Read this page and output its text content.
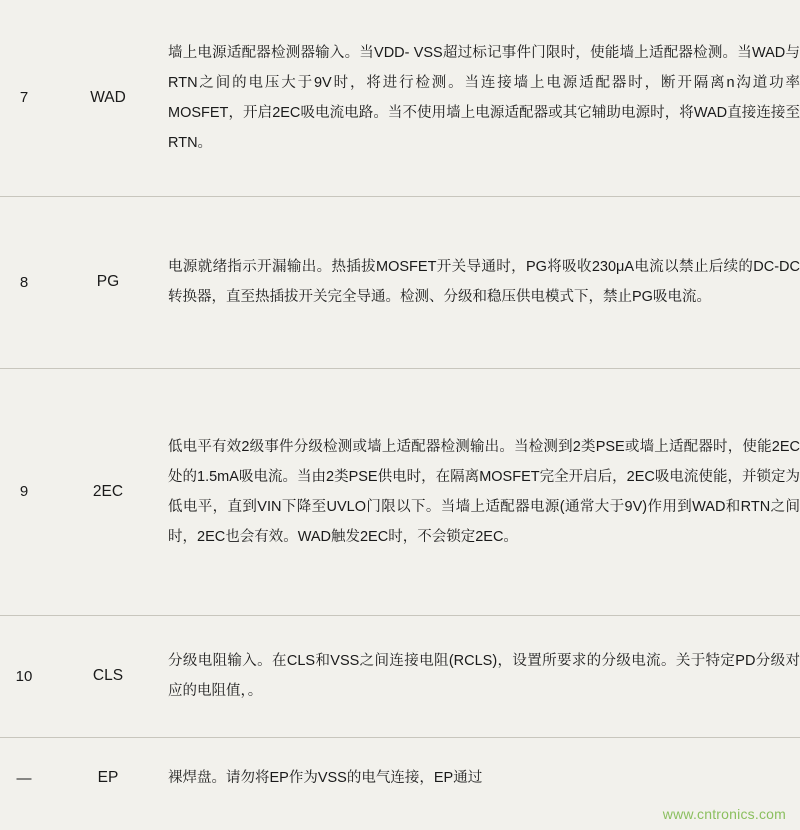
7	WAD	墙上电源适配器检测器输入。当VDD- VSS超过标记事件门限时，使能墙上适配器检测。当WAD与RTN之间的电压大于9V时，将进行检测。当连接墙上电源适配器时，断开隔离n沟道功率MOSFET，开启2EC吸电流电路。当不使用墙上电源适配器或其它辅助电源时，将WAD直接连接至RTN。

8	PG	电源就绪指示开漏输出。热插拔MOSFET开关导通时，PG将吸收230μA电流以禁止后续的DC-DC转换器，直至热插拔开关完全导通。检测、分级和稳压供电模式下，禁止PG吸电流。

9	2EC	低电平有效2级事件分级检测或墙上适配器检测输出。当检测到2类PSE或墙上适配器时，使能2EC处的1.5mA吸电流。当由2类PSE供电时，在隔离MOSFET完全开启后，2EC吸电流使能，并锁定为低电平，直到VIN下降至UVLO门限以下。当墙上适配器电源(通常大于9V)作用到WAD和RTN之间时，2EC也会有效。WAD触发2EC时，不会锁定2EC。

10	CLS	分级电阻输入。在CLS和VSS之间连接电阻(RCLS)，设置所要求的分级电流。关于特定PD分级对应的电阻值，。

—	EP	裸焊盘。请勿将EP作为VSS的电气连接，EP通过
www.cntronics.com
